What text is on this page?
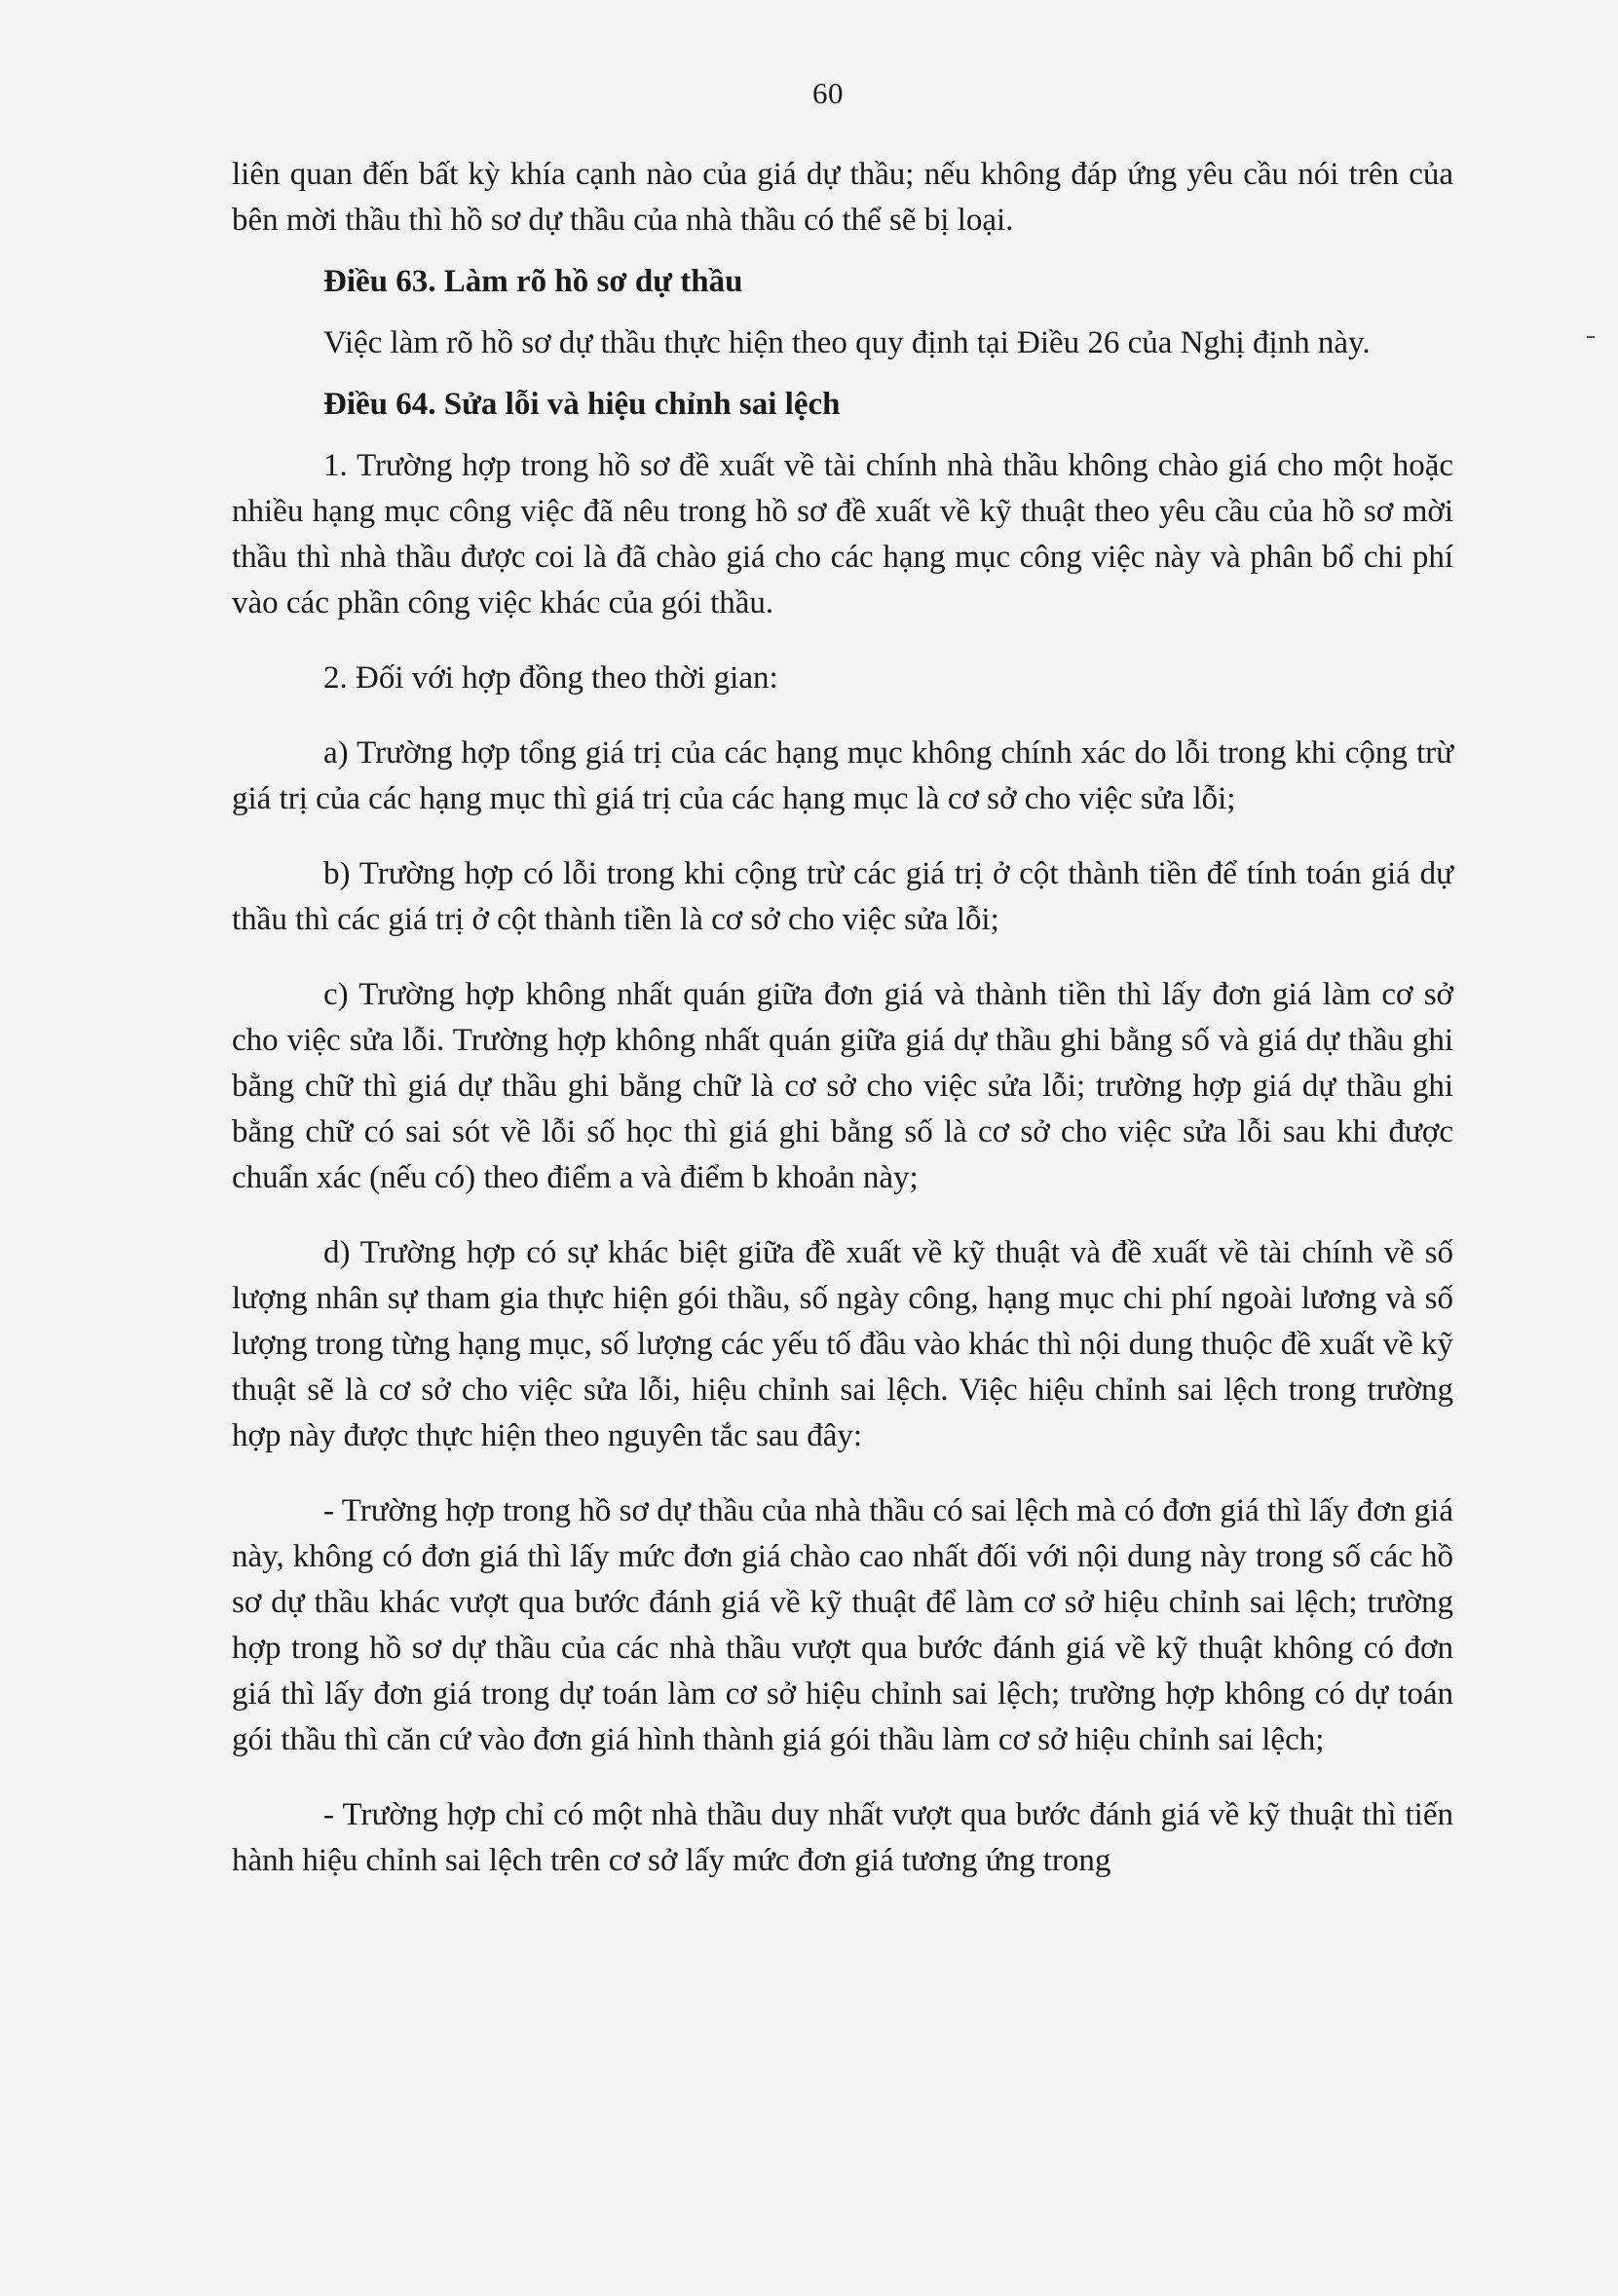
60

liên quan đến bất kỳ khía cạnh nào của giá dự thầu; nếu không đáp ứng yêu cầu nói trên của bên mời thầu thì hồ sơ dự thầu của nhà thầu có thể sẽ bị loại.

Điều 63. Làm rõ hồ sơ dự thầu

Việc làm rõ hồ sơ dự thầu thực hiện theo quy định tại Điều 26 của Nghị định này.

Điều 64. Sửa lỗi và hiệu chỉnh sai lệch

1. Trường hợp trong hồ sơ đề xuất về tài chính nhà thầu không chào giá cho một hoặc nhiều hạng mục công việc đã nêu trong hồ sơ đề xuất về kỹ thuật theo yêu cầu của hồ sơ mời thầu thì nhà thầu được coi là đã chào giá cho các hạng mục công việc này và phân bổ chi phí vào các phần công việc khác của gói thầu.

2. Đối với hợp đồng theo thời gian:

a) Trường hợp tổng giá trị của các hạng mục không chính xác do lỗi trong khi cộng trừ giá trị của các hạng mục thì giá trị của các hạng mục là cơ sở cho việc sửa lỗi;

b) Trường hợp có lỗi trong khi cộng trừ các giá trị ở cột thành tiền để tính toán giá dự thầu thì các giá trị ở cột thành tiền là cơ sở cho việc sửa lỗi;

c) Trường hợp không nhất quán giữa đơn giá và thành tiền thì lấy đơn giá làm cơ sở cho việc sửa lỗi. Trường hợp không nhất quán giữa giá dự thầu ghi bằng số và giá dự thầu ghi bằng chữ thì giá dự thầu ghi bằng chữ là cơ sở cho việc sửa lỗi; trường hợp giá dự thầu ghi bằng chữ có sai sót về lỗi số học thì giá ghi bằng số là cơ sở cho việc sửa lỗi sau khi được chuẩn xác (nếu có) theo điểm a và điểm b khoản này;

d) Trường hợp có sự khác biệt giữa đề xuất về kỹ thuật và đề xuất về tài chính về số lượng nhân sự tham gia thực hiện gói thầu, số ngày công, hạng mục chi phí ngoài lương và số lượng trong từng hạng mục, số lượng các yếu tố đầu vào khác thì nội dung thuộc đề xuất về kỹ thuật sẽ là cơ sở cho việc sửa lỗi, hiệu chỉnh sai lệch. Việc hiệu chỉnh sai lệch trong trường hợp này được thực hiện theo nguyên tắc sau đây:

- Trường hợp trong hồ sơ dự thầu của nhà thầu có sai lệch mà có đơn giá thì lấy đơn giá này, không có đơn giá thì lấy mức đơn giá chào cao nhất đối với nội dung này trong số các hồ sơ dự thầu khác vượt qua bước đánh giá về kỹ thuật để làm cơ sở hiệu chỉnh sai lệch; trường hợp trong hồ sơ dự thầu của các nhà thầu vượt qua bước đánh giá về kỹ thuật không có đơn giá thì lấy đơn giá trong dự toán làm cơ sở hiệu chỉnh sai lệch; trường hợp không có dự toán gói thầu thì căn cứ vào đơn giá hình thành giá gói thầu làm cơ sở hiệu chỉnh sai lệch;

- Trường hợp chỉ có một nhà thầu duy nhất vượt qua bước đánh giá về kỹ thuật thì tiến hành hiệu chỉnh sai lệch trên cơ sở lấy mức đơn giá tương ứng trong
